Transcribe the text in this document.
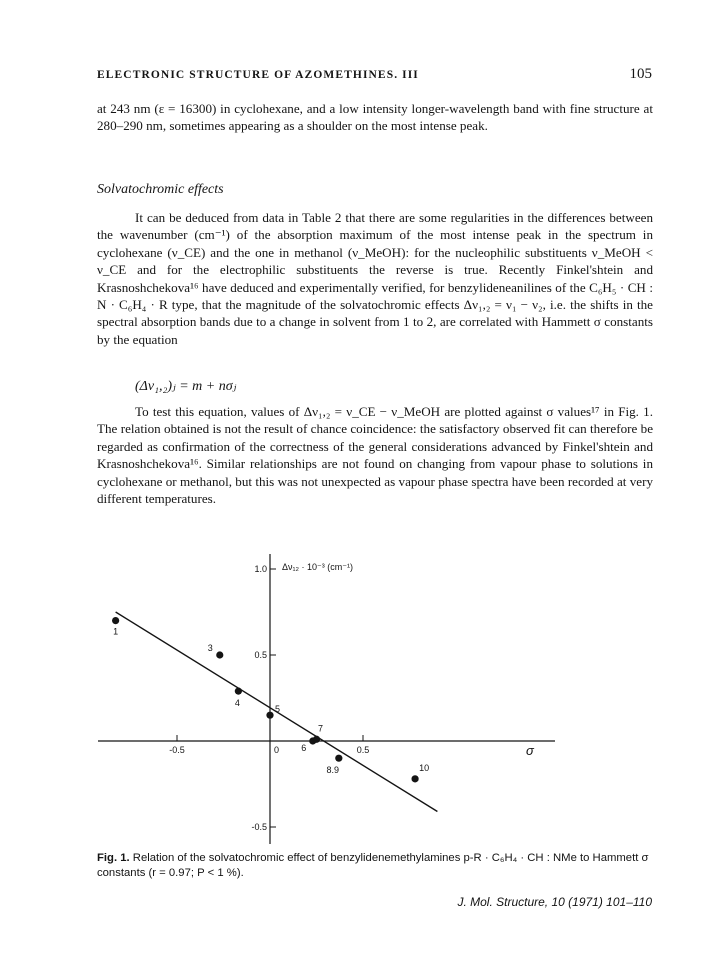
ELECTRONIC STRUCTURE OF AZOMETHINES. III	105
at 243 nm (ε = 16300) in cyclohexane, and a low intensity longer-wavelength band with fine structure at 280–290 nm, sometimes appearing as a shoulder on the most intense peak.
Solvatochromic effects
It can be deduced from data in Table 2 that there are some regularities in the differences between the wavenumber (cm⁻¹) of the absorption maximum of the most intense peak in the spectrum in cyclohexane (ν_CE) and the one in methanol (ν_MeOH): for the nucleophilic substituents ν_MeOH < ν_CE and for the electrophilic substituents the reverse is true. Recently Finkel'shtein and Krasnoshchekova¹⁶ have deduced and experimentally verified, for benzylideneanilines of the C₆H₅ · CH : N · C₆H₄ · R type, that the magnitude of the solvatochromic effects Δν₁,₂ = ν₁ − ν₂, i.e. the shifts in the spectral absorption bands due to a change in solvent from 1 to 2, are correlated with Hammett σ constants by the equation
(Δν₁,₂)ⱼ = m + nσⱼ
To test this equation, values of Δν₁,₂ = ν_CE − ν_MeOH are plotted against σ values¹⁷ in Fig. 1. The relation obtained is not the result of chance coincidence: the satisfactory observed fit can therefore be regarded as confirmation of the correctness of the general considerations advanced by Finkel'shtein and Krasnoshchekova¹⁶. Similar relationships are not found on changing from vapour phase to solutions in cyclohexane or methanol, but this was not unexpected as vapour phase spectra have been recorded at very different temperatures.
Δν₁₂ · 10⁻³ (cm⁻¹)
σ
-0.5	0	0.5
1.0
0.5
-0.5
1
3
4
5
6
7
8.9	10
Fig. 1. Relation of the solvatochromic effect of benzylidenemethylamines p-R · C₆H₄ · CH : NMe to Hammett σ constants (r = 0.97; P < 1 %).
J. Mol. Structure, 10 (1971) 101–110
